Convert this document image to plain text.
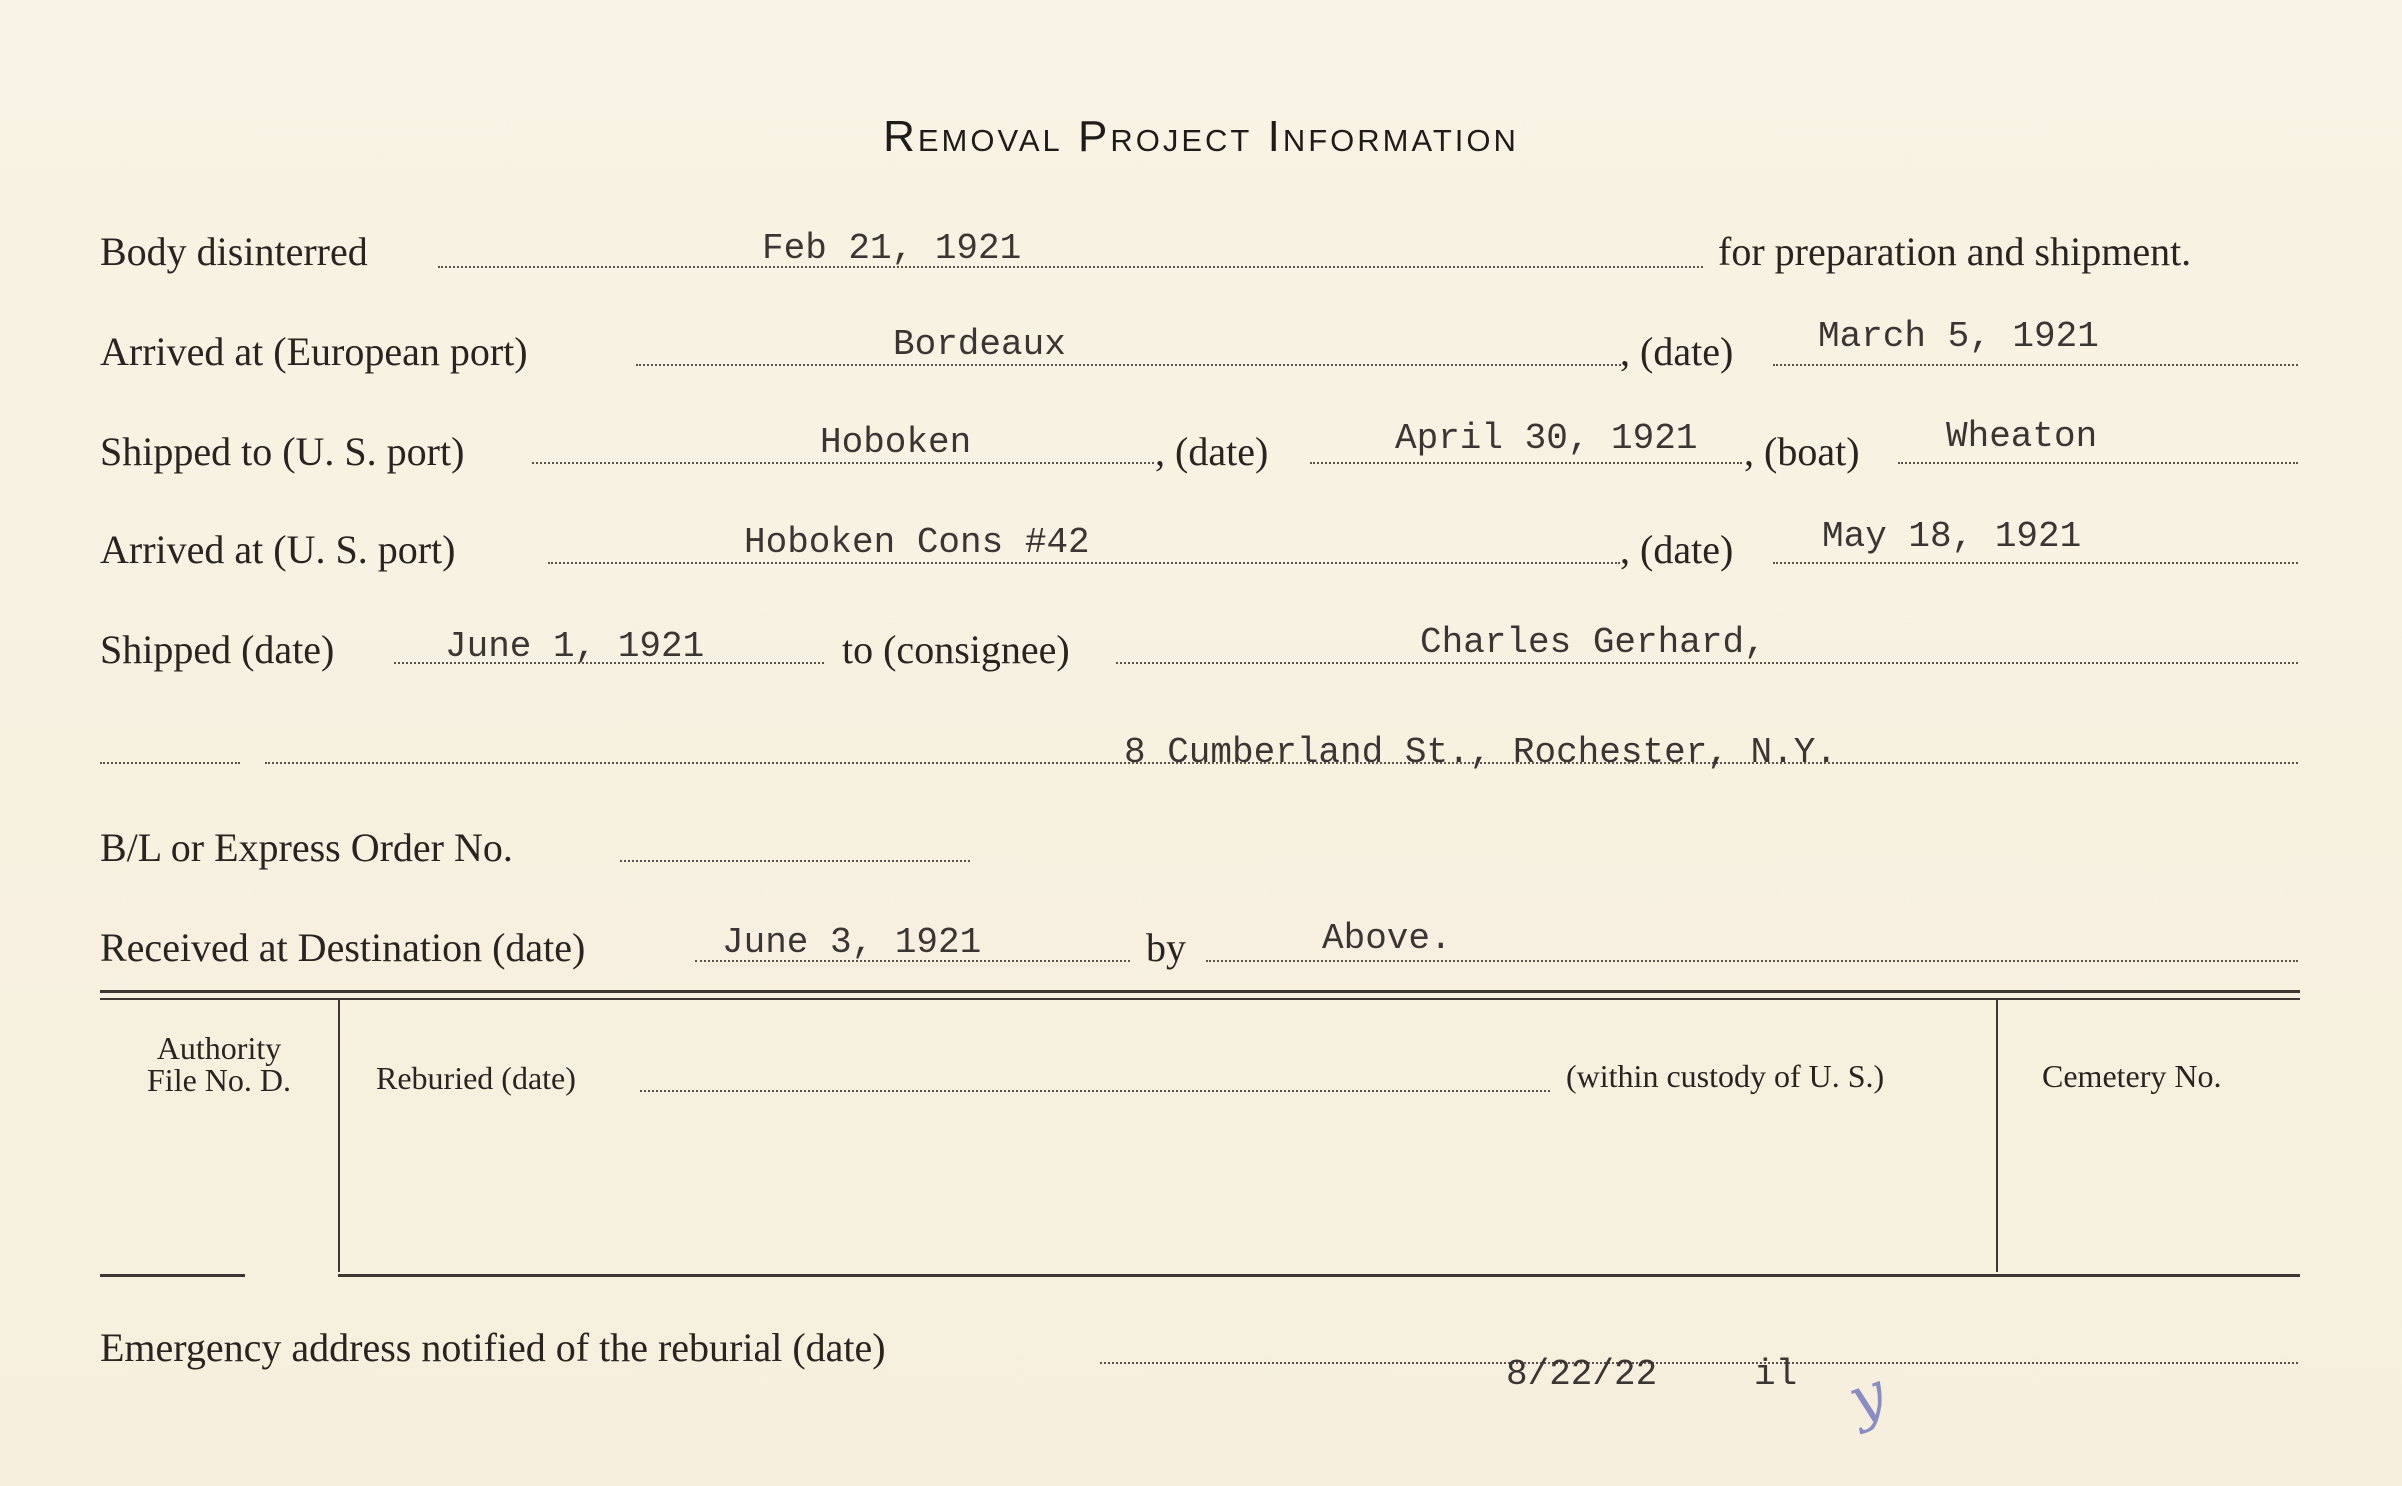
Removal Project Information
Body disinterred	Feb 21, 1921	for preparation and shipment.
Arrived at (European port)	Bordeaux	, (date) March 5, 1921
Shipped to (U. S. port)	Hoboken	, (date)	April 30, 1921 , (boat) Wheaton
Arrived at (U. S. port)	Hoboken Cons #42	, (date) May 18, 1921
Shipped (date)	June 1, 1921	to (consignee)	Charles Gerhard,
8 Cumberland St., Rochester, N.Y.
B/L or Express Order No.
Received at Destination (date)	June 3, 1921	by	Above.
Authority
File No. D.	Reburied (date)	(within custody of U. S.)	Cemetery No.
Emergency address notified of the reburial (date)
8/22/22	il y
